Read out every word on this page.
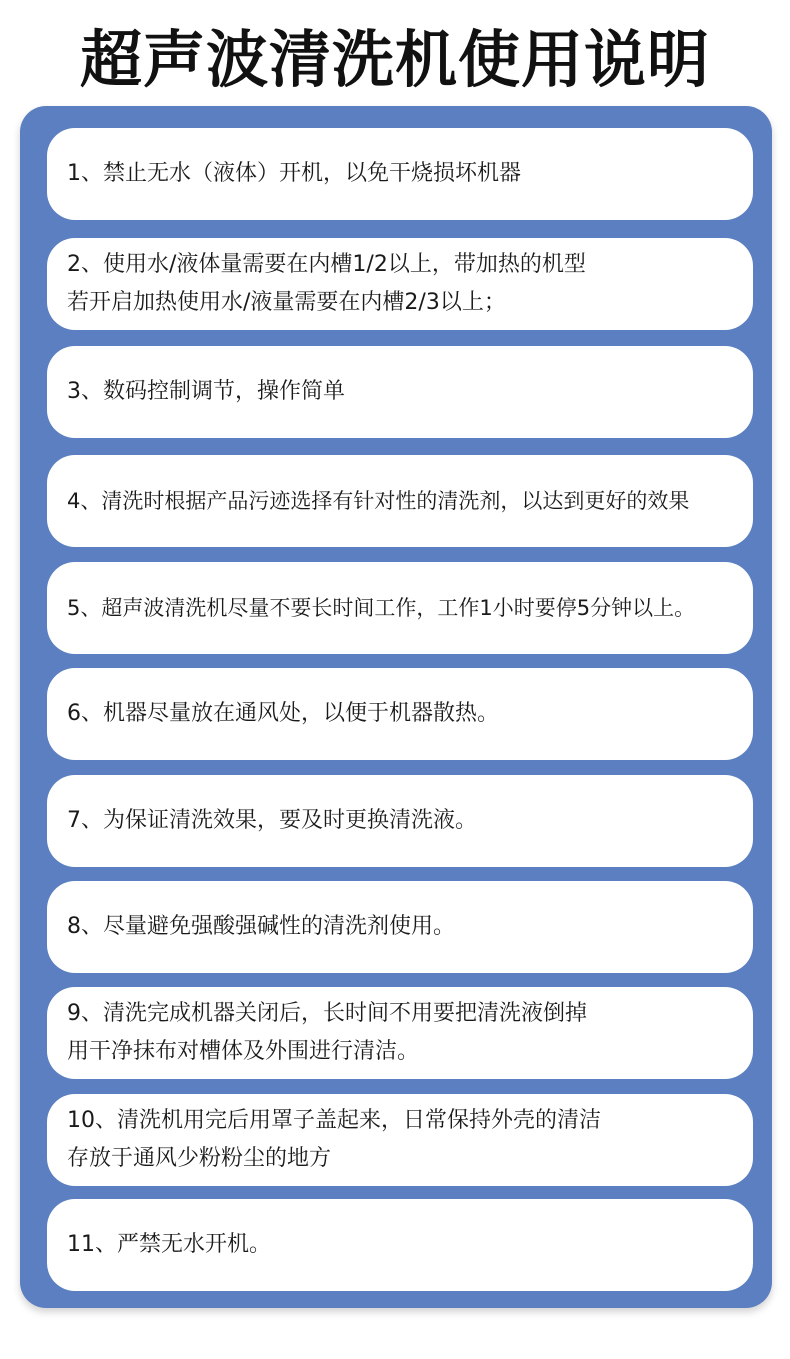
超声波清洗机使用说明
1、禁止无水（液体）开机，以免干烧损坏机器
2、使用水/液体量需要在内槽1/2以上，带加热的机型
若开启加热使用水/液量需要在内槽2/3以上；
3、数码控制调节，操作简单
4、清洗时根据产品污迹选择有针对性的清洗剂，以达到更好的效果
5、超声波清洗机尽量不要长时间工作，工作1小时要停5分钟以上。
6、机器尽量放在通风处，以便于机器散热。
7、为保证清洗效果，要及时更换清洗液。
8、尽量避免强酸强碱性的清洗剂使用。
9、清洗完成机器关闭后，长时间不用要把清洗液倒掉
用干净抹布对槽体及外围进行清洁。
10、清洗机用完后用罩子盖起来，日常保持外壳的清洁
存放于通风少粉粉尘的地方
11、严禁无水开机。
